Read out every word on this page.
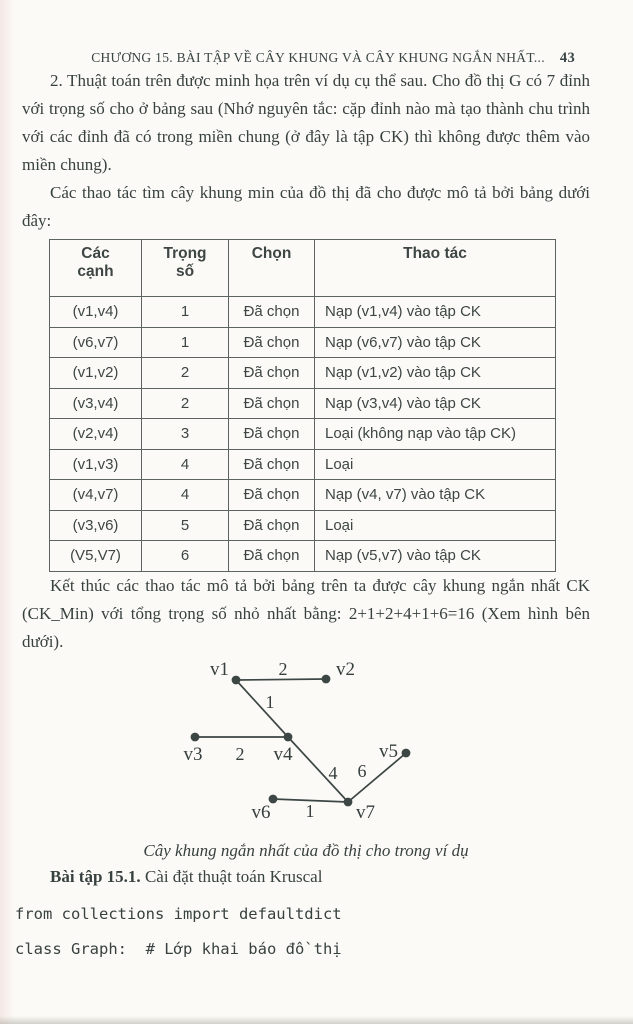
CHƯƠNG 15. BÀI TẬP VỀ CÂY KHUNG VÀ CÂY KHUNG NGẮN NHẤT... 43

2. Thuật toán trên được minh họa trên ví dụ cụ thể sau. Cho đồ thị G có 7 đỉnh với trọng số cho ở bảng sau (Nhớ nguyên tắc: cặp đỉnh nào mà tạo thành chu trình với các đỉnh đã có trong miền chung (ở đây là tập CK) thì không được thêm vào miền chung).

Các thao tác tìm cây khung min của đồ thị đã cho được mô tả bởi bảng dưới đây:

Các cạnh	Trọng số	Chọn	Thao tác
(v1,v4)	1	Đã chọn	Nạp (v1,v4) vào tập CK
(v6,v7)	1	Đã chọn	Nạp (v6,v7) vào tập CK
(v1,v2)	2	Đã chọn	Nạp (v1,v2) vào tập CK
(v3,v4)	2	Đã chọn	Nạp (v3,v4) vào tập CK
(v2,v4)	3	Đã chọn	Loại (không nạp vào tập CK)
(v1,v3)	4	Đã chọn	Loại
(v4,v7)	4	Đã chọn	Nạp (v4, v7) vào tập CK
(v3,v6)	5	Đã chọn	Loại
(V5,V7)	6	Đã chọn	Nạp (v5,v7) vào tập CK

Kết thúc các thao tác mô tả bởi bảng trên ta được cây khung ngắn nhất CK (CK_Min) với tổng trọng số nhỏ nhất bằng: 2+1+2+4+1+6=16 (Xem hình bên dưới).

v1	v2
v3	v4	v5
v6	v7
2
1
2
4 6
1

Cây khung ngắn nhất của đồ thị cho trong ví dụ

Bài tập 15.1. Cài đặt thuật toán Kruscal

from collections import defaultdict
class Graph:  # Lớp khai báo đồ thị
